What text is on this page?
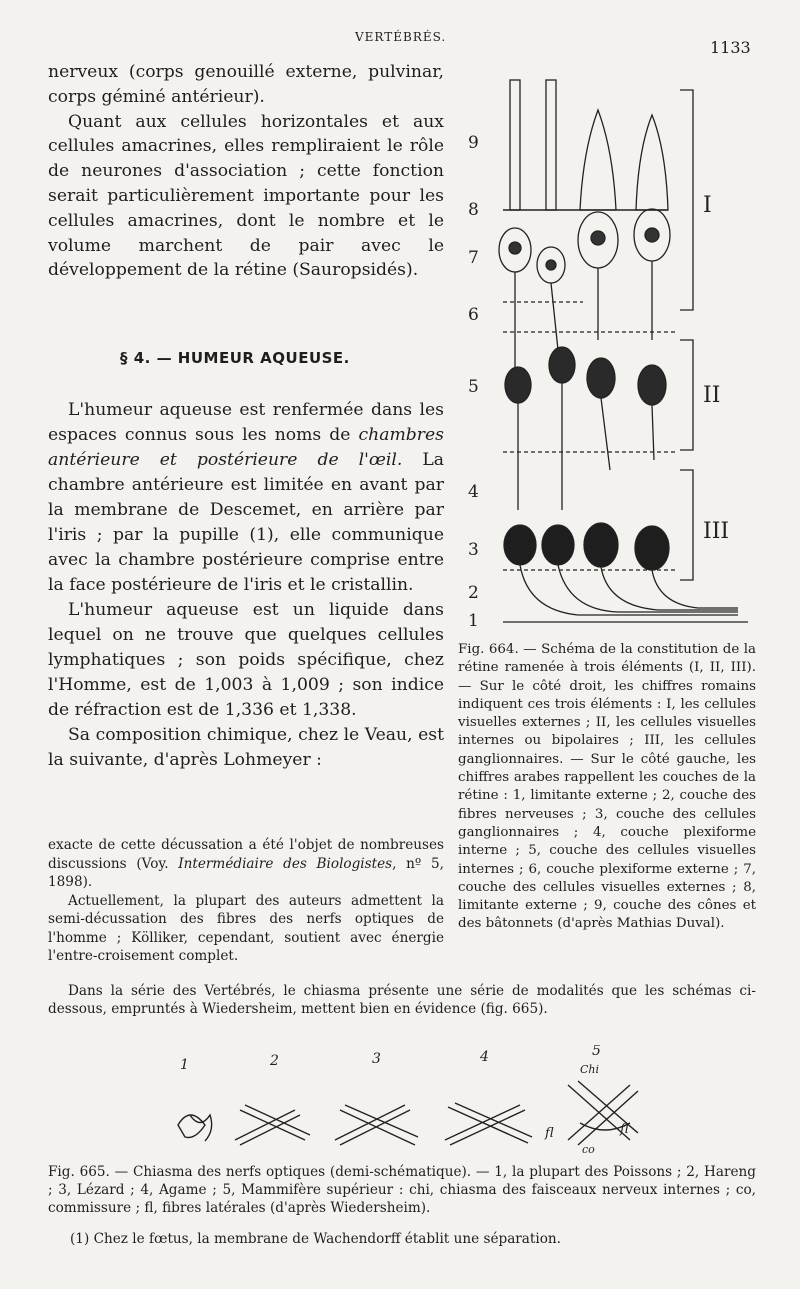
VERTÉBRÉS.
1133

nerveux (corps genouillé externe, pulvinar, corps géminé antérieur).

Quant aux cellules horizontales et aux cellules amacrines, elles rempliraient le rôle de neurones d'association ; cette fonction serait particulièrement importante pour les cellules amacrines, dont le nombre et le volume marchent de pair avec le développement de la rétine (Sauropsidés).

§ 4. — HUMEUR AQUEUSE.

L'humeur aqueuse est renfermée dans les espaces connus sous les noms de chambres antérieure et postérieure de l'œil. La chambre antérieure est limitée en avant par la membrane de Descemet, en arrière par l'iris ; par la pupille (1), elle communique avec la chambre postérieure comprise entre la face postérieure de l'iris et le cristallin.

L'humeur aqueuse est un liquide dans lequel on ne trouve que quelques cellules lymphatiques ; son poids spécifique, chez l'Homme, est de 1,003 à 1,009 ; son indice de réfraction est de 1,336 et 1,338.

Sa composition chimique, chez le Veau, est la suivante, d'après Lohmeyer :

exacte de cette décussation a été l'objet de nombreuses discussions (Voy. Intermédiaire des Biologistes, nº 5, 1898).

Actuellement, la plupart des auteurs admettent la semi-décussation des fibres des nerfs optiques de l'homme ; Kölliker, cependant, soutient avec énergie l'entre-croisement complet.

Dans la série des Vertébrés, le chiasma présente une série de modalités que les schémas ci-dessous, empruntés à Wiedersheim, mettent bien en évidence (fig. 665).

9
8
7
6
5
4
3
2
1
I
II
III
Fig. 664. — Schéma de la constitution de la rétine ramenée à trois éléments (I, II, III). — Sur le côté droit, les chiffres romains indiquent ces trois éléments : I, les cellules visuelles externes ; II, les cellules visuelles internes ou bipolaires ; III, les cellules ganglionnaires. — Sur le côté gauche, les chiffres arabes rappellent les couches de la rétine : 1, limitante externe ; 2, couche des fibres nerveuses ; 3, couche des cellules ganglionnaires ; 4, couche plexiforme interne ; 5, couche des cellules visuelles internes ; 6, couche plexiforme externe ; 7, couche des cellules visuelles externes ; 8, limitante externe ; 9, couche des cônes et des bâtonnets (d'après Mathias Duval).
1	2	3	4	5
Chi
fl	fl
co
Fig. 665. — Chiasma des nerfs optiques (demi-schématique). — 1, la plupart des Poissons ; 2, Hareng ; 3, Lézard ; 4, Agame ; 5, Mammifère supérieur : chi, chiasma des faisceaux nerveux internes ; co, commissure ; fl, fibres latérales (d'après Wiedersheim).
(1) Chez le fœtus, la membrane de Wachendorff établit une séparation.
